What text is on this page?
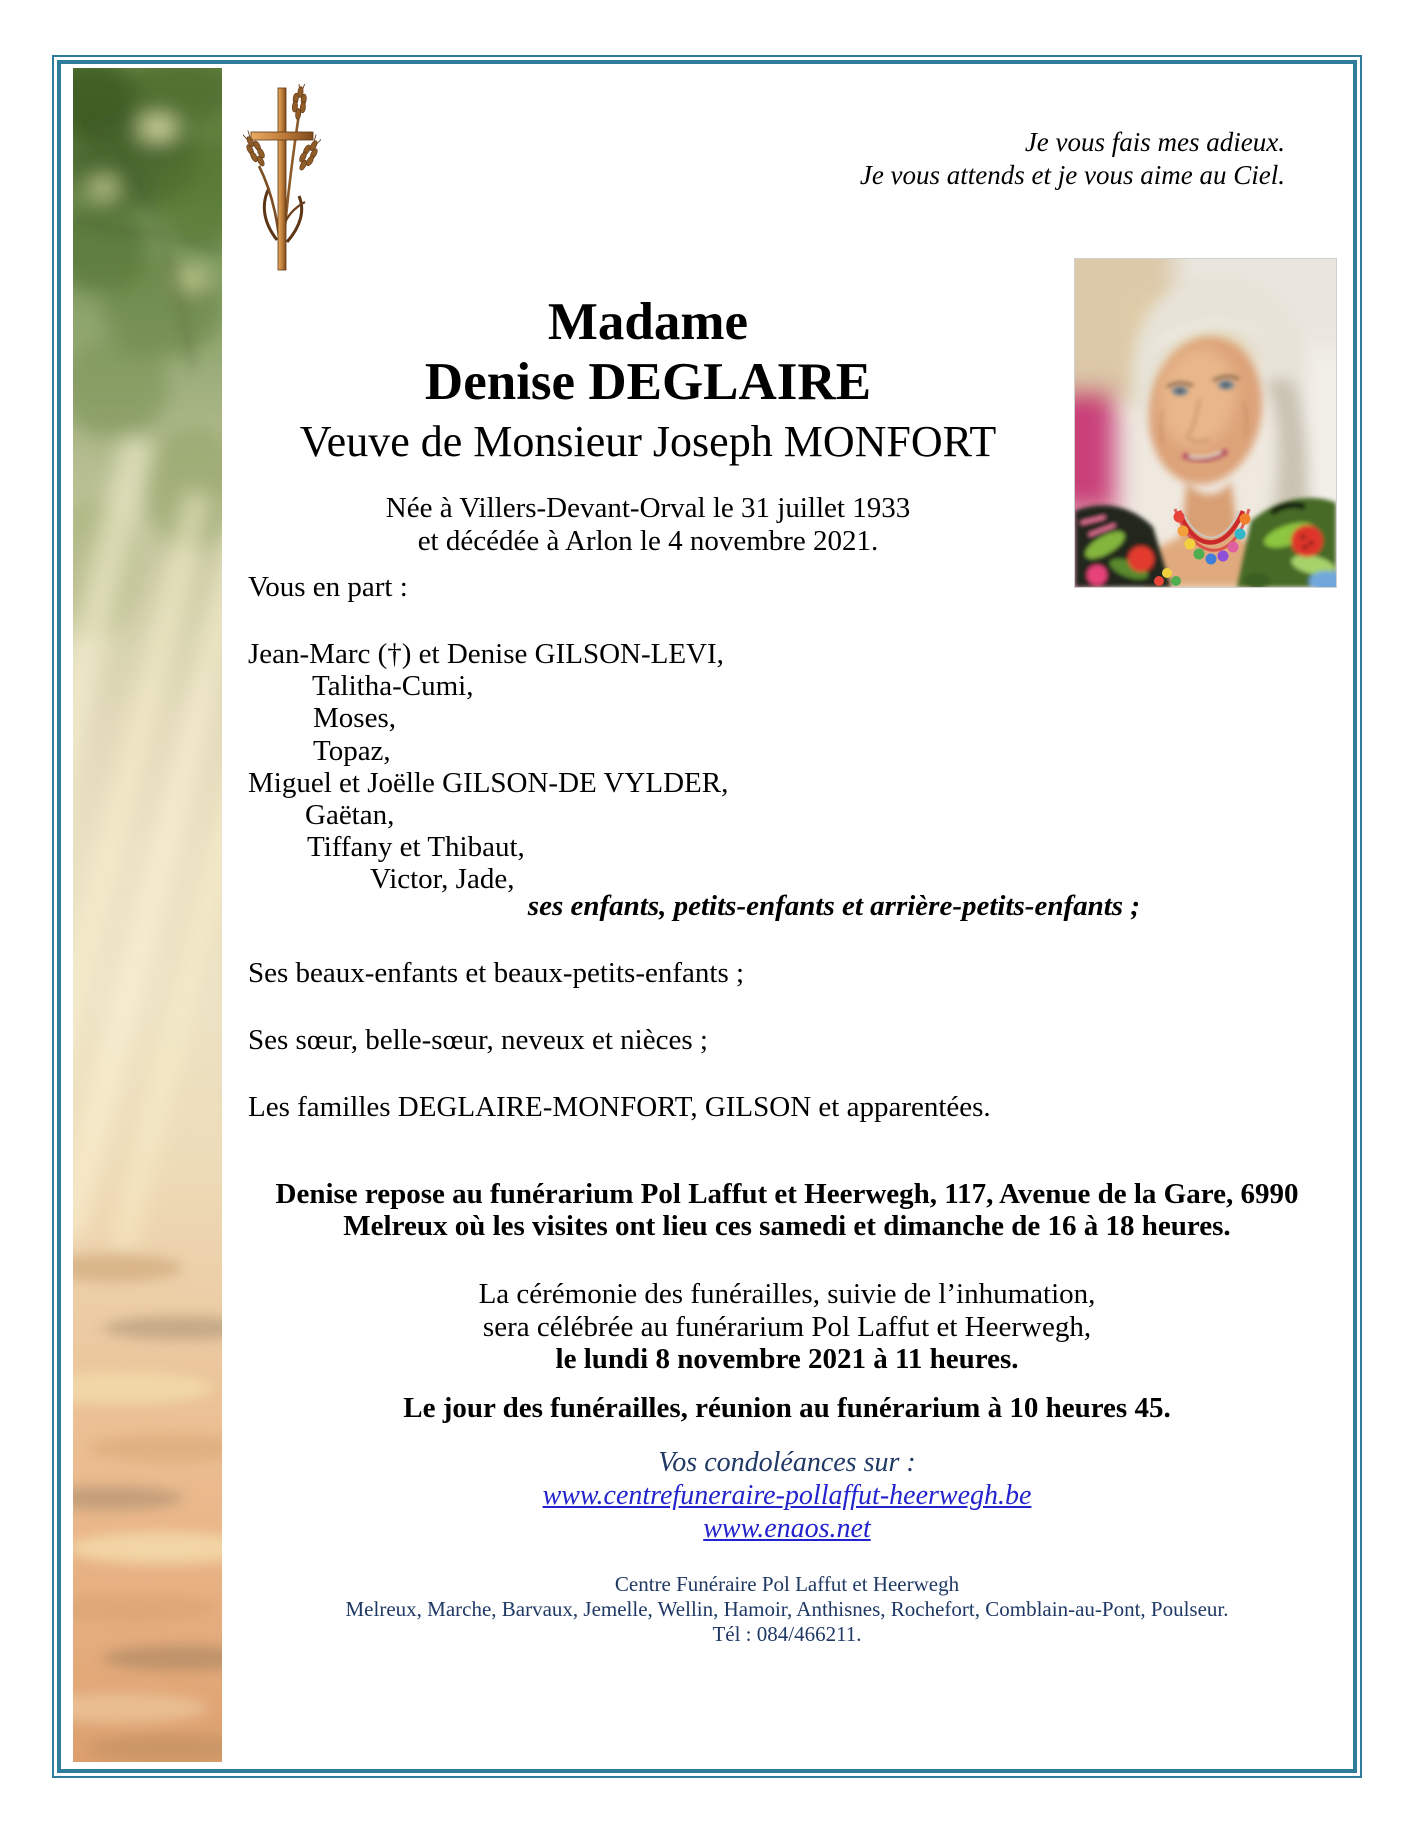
Je vous fais mes adieux.
Je vous attends et je vous aime au Ciel.
Madame
Denise DEGLAIRE
Veuve de Monsieur Joseph MONFORT
Née à Villers-Devant-Orval le 31 juillet 1933
et décédée à Arlon le 4 novembre 2021.
Vous en part :
Jean-Marc (†) et Denise GILSON-LEVI,
Talitha-Cumi,
Moses,
Topaz,
Miguel et Joëlle GILSON-DE VYLDER,
Gaëtan,
Tiffany et Thibaut,
Victor, Jade,
ses enfants, petits-enfants et arrière-petits-enfants ;
Ses beaux-enfants et beaux-petits-enfants ;
Ses sœur, belle-sœur, neveux et nièces ;
Les familles DEGLAIRE-MONFORT, GILSON et apparentées.
Denise repose au funérarium Pol Laffut et Heerwegh, 117, Avenue de la Gare, 6990
Melreux où les visites ont lieu ces samedi et dimanche de 16 à 18 heures.
La cérémonie des funérailles, suivie de l’inhumation,
sera célébrée au funérarium Pol Laffut et Heerwegh,
le lundi 8 novembre 2021 à 11 heures.
Le jour des funérailles, réunion au funérarium à 10 heures 45.
Vos condoléances sur :
www.centrefuneraire-pollaffut-heerwegh.be
www.enaos.net
Centre Funéraire Pol Laffut et Heerwegh
Melreux, Marche, Barvaux, Jemelle, Wellin, Hamoir, Anthisnes, Rochefort, Comblain-au-Pont, Poulseur.
Tél : 084/466211.
